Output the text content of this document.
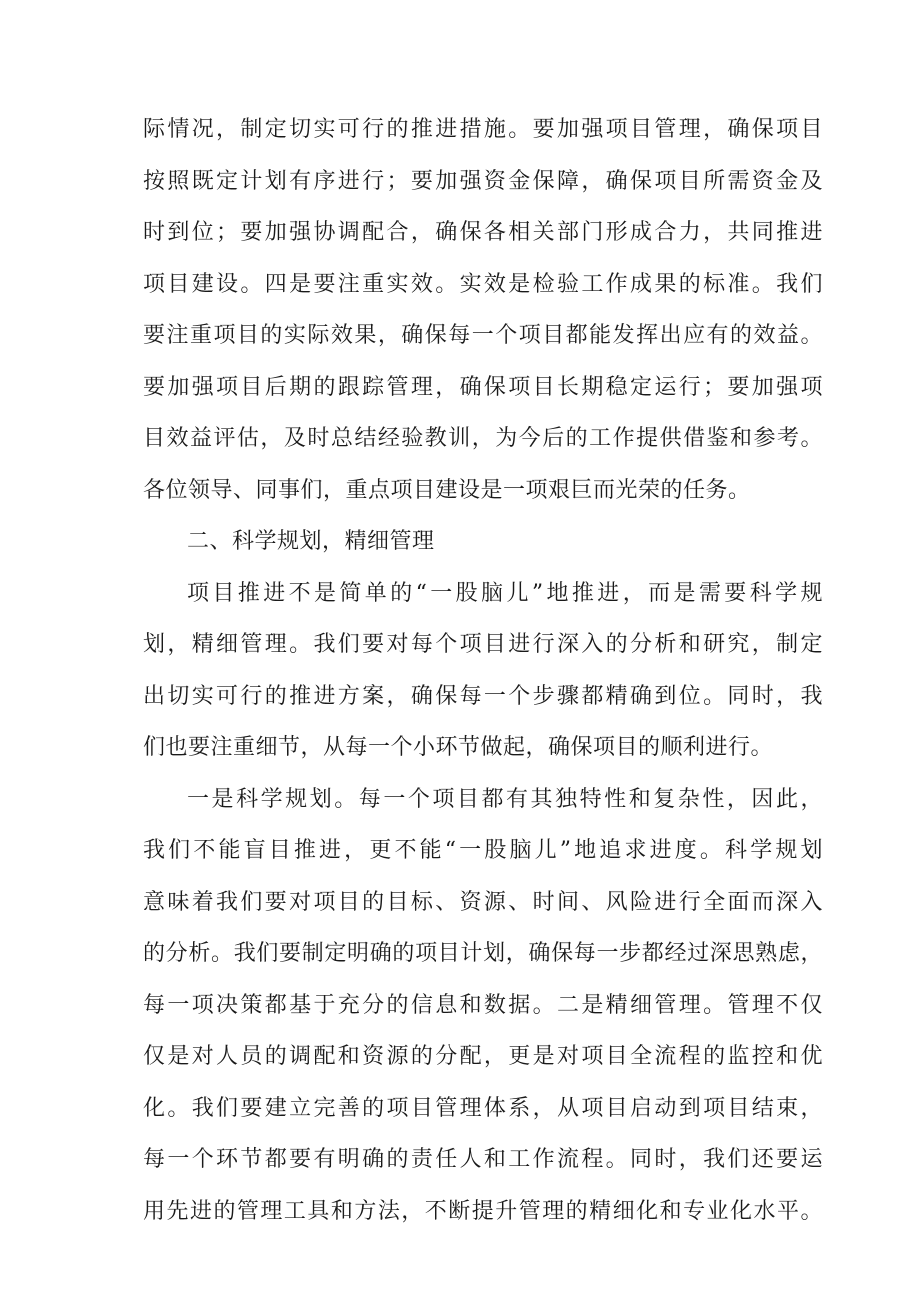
际情况，制定切实可行的推进措施。要加强项目管理，确保项目
按照既定计划有序进行；要加强资金保障，确保项目所需资金及
时到位；要加强协调配合，确保各相关部门形成合力，共同推进
项目建设。四是要注重实效。实效是检验工作成果的标准。我们
要注重项目的实际效果，确保每一个项目都能发挥出应有的效益。
要加强项目后期的跟踪管理，确保项目长期稳定运行；要加强项
目效益评估，及时总结经验教训，为今后的工作提供借鉴和参考。
各位领导、同事们，重点项目建设是一项艰巨而光荣的任务。
二、科学规划，精细管理
项目推进不是简单的“一股脑儿”地推进，而是需要科学规
划，精细管理。我们要对每个项目进行深入的分析和研究，制定
出切实可行的推进方案，确保每一个步骤都精确到位。同时，我
们也要注重细节，从每一个小环节做起，确保项目的顺利进行。
一是科学规划。每一个项目都有其独特性和复杂性，因此，
我们不能盲目推进，更不能“一股脑儿”地追求进度。科学规划
意味着我们要对项目的目标、资源、时间、风险进行全面而深入
的分析。我们要制定明确的项目计划，确保每一步都经过深思熟虑，
每一项决策都基于充分的信息和数据。二是精细管理。管理不仅
仅是对人员的调配和资源的分配，更是对项目全流程的监控和优
化。我们要建立完善的项目管理体系，从项目启动到项目结束，
每一个环节都要有明确的责任人和工作流程。同时，我们还要运
用先进的管理工具和方法，不断提升管理的精细化和专业化水平。
